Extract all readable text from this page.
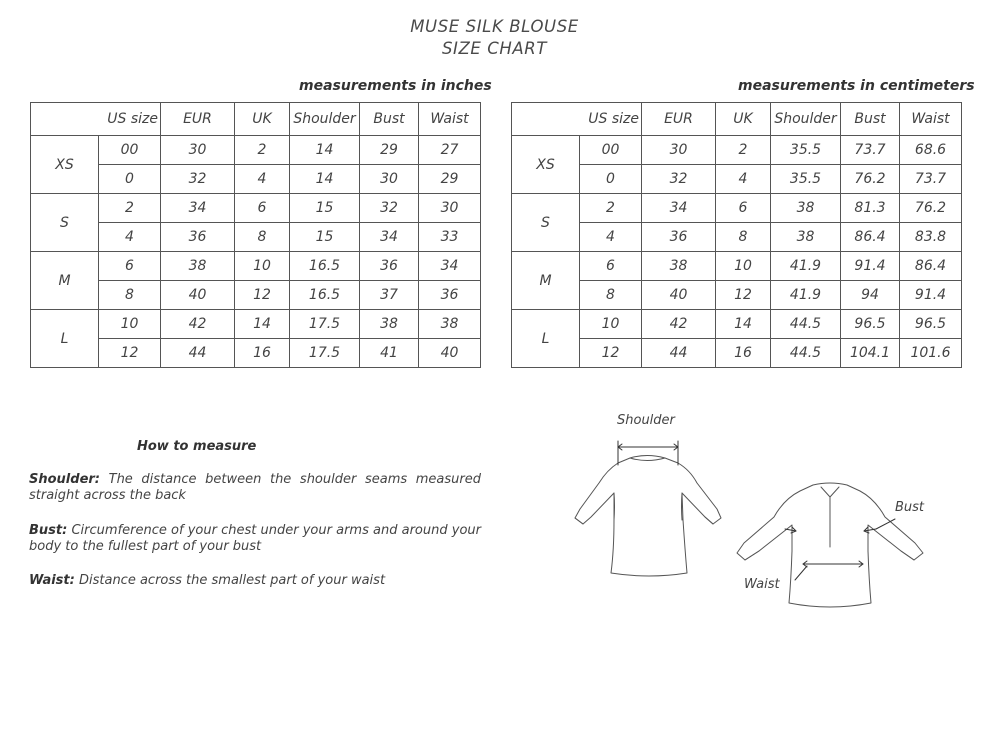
MUSE SILK BLOUSE
SIZE CHART
measurements in inches	measurements in centimeters
US size		EUR	UK	Shoulder	Bust	Waist
XS	00	30	2	14	29	27
	0	32	4	14	30	29
S	2	34	6	15	32	30
	4	36	8	15	34	33
M	6	38	10	16.5	36	34
	8	40	12	16.5	37	36
L	10	42	14	17.5	38	38
	12	44	16	17.5	41	40
US size		EUR	UK	Shoulder	Bust	Waist
XS	00	30	2	35.5	73.7	68.6
	0	32	4	35.5	76.2	73.7
S	2	34	6	38	81.3	76.2
	4	36	8	38	86.4	83.8
M	6	38	10	41.9	91.4	86.4
	8	40	12	41.9	94	91.4
L	10	42	14	44.5	96.5	96.5
	12	44	16	44.5	104.1	101.6
How to measure
Shoulder: The distance between the shoulder seams measured straight across the back
Bust: Circumference of your chest under your arms and around your body to the fullest part of your bust
Waist: Distance across the smallest part of your waist
Shoulder
Bust
Waist
